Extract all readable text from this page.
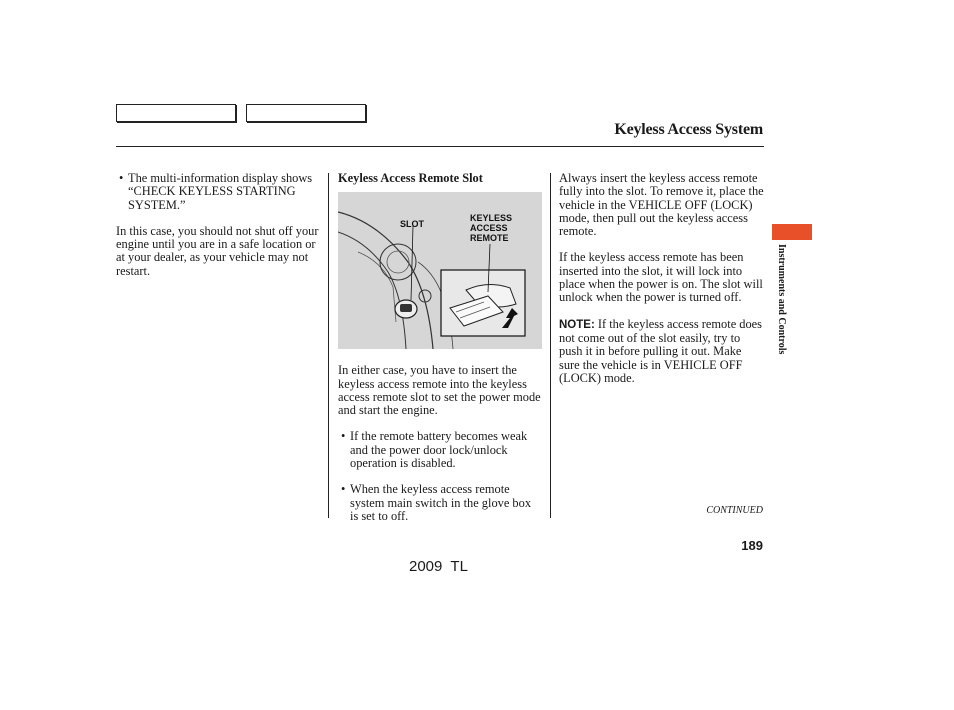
Keyless Access System
• The multi-information display shows “CHECK KEYLESS STARTING SYSTEM.”
In this case, you should not shut off your engine until you are in a safe location or at your dealer, as your vehicle may not restart.
Keyless Access Remote Slot
SLOT
KEYLESS ACCESS REMOTE
In either case, you have to insert the keyless access remote into the keyless access remote slot to set the power mode and start the engine.
• If the remote battery becomes weak and the power door lock/unlock operation is disabled.
• When the keyless access remote system main switch in the glove box is set to off.
Always insert the keyless access remote fully into the slot. To remove it, place the vehicle in the VEHICLE OFF (LOCK) mode, then pull out the keyless access remote.
If the keyless access remote has been inserted into the slot, it will lock into place when the power is on. The slot will unlock when the power is turned off.
NOTE: If the keyless access remote does not come out of the slot easily, try to push it in before pulling it out. Make sure the vehicle is in VEHICLE OFF (LOCK) mode.
Instruments and Controls
CONTINUED
189
2009  TL
